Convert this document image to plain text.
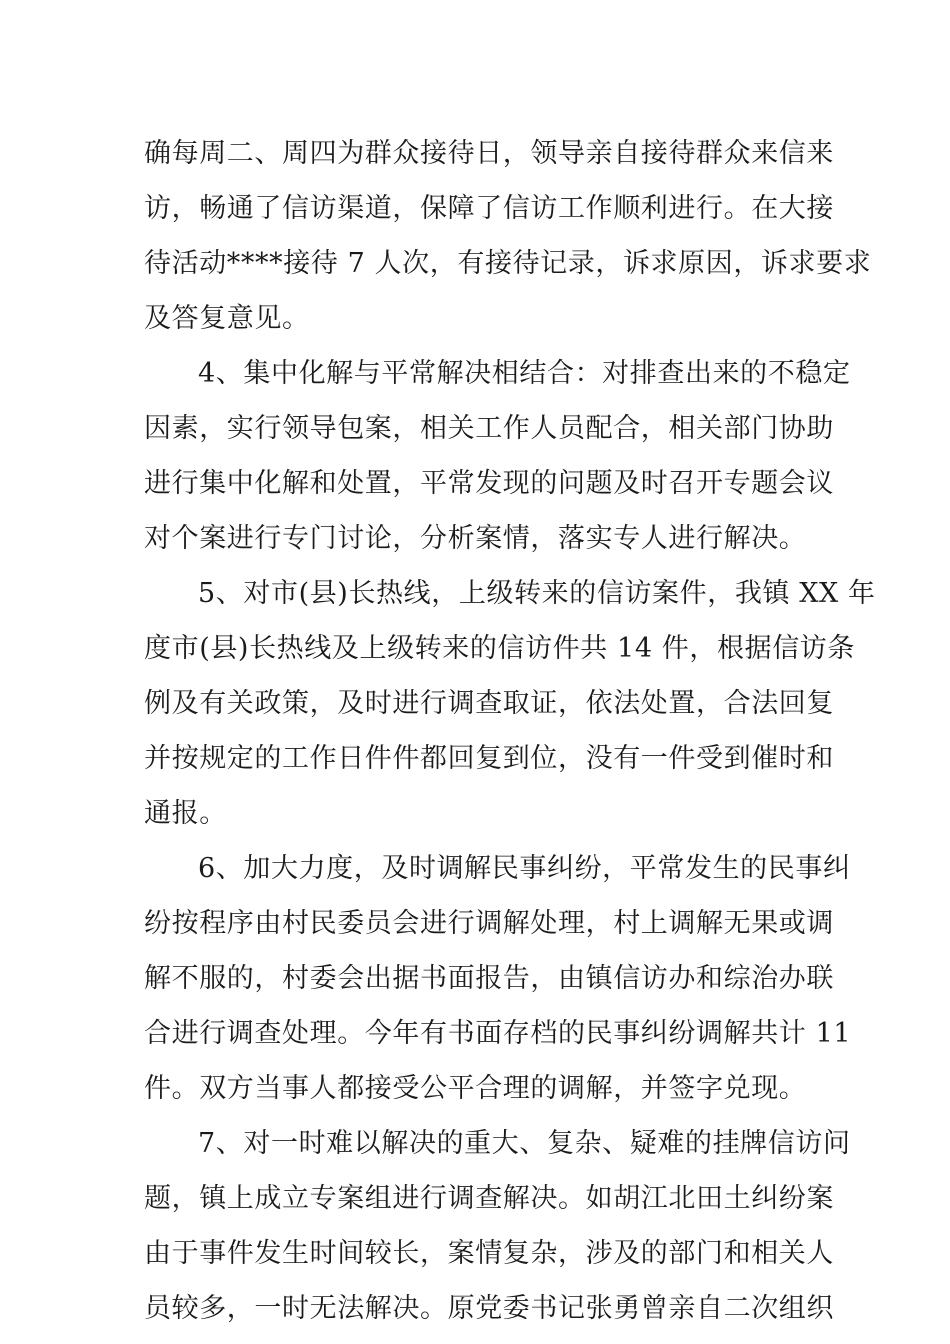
确每周二、周四为群众接待日，领导亲自接待群众来信来
访，畅通了信访渠道，保障了信访工作顺利进行。在大接
待活动****接待 7 人次，有接待记录，诉求原因，诉求要求
及答复意见。
4、集中化解与平常解决相结合：对排查出来的不稳定
因素，实行领导包案，相关工作人员配合，相关部门协助
进行集中化解和处置，平常发现的问题及时召开专题会议
对个案进行专门讨论，分析案情，落实专人进行解决。
5、对市(县)长热线，上级转来的信访案件，我镇 XX 年
度市(县)长热线及上级转来的信访件共 14 件，根据信访条
例及有关政策，及时进行调查取证，依法处置，合法回复
并按规定的工作日件件都回复到位，没有一件受到催时和
通报。
6、加大力度，及时调解民事纠纷，平常发生的民事纠
纷按程序由村民委员会进行调解处理，村上调解无果或调
解不服的，村委会出据书面报告，由镇信访办和综治办联
合进行调查处理。今年有书面存档的民事纠纷调解共计 11
件。双方当事人都接受公平合理的调解，并签字兑现。
7、对一时难以解决的重大、复杂、疑难的挂牌信访问
题，镇上成立专案组进行调查解决。如胡江北田土纠纷案
由于事件发生时间较长，案情复杂，涉及的部门和相关人
员较多，一时无法解决。原党委书记张勇曾亲自二次组织
